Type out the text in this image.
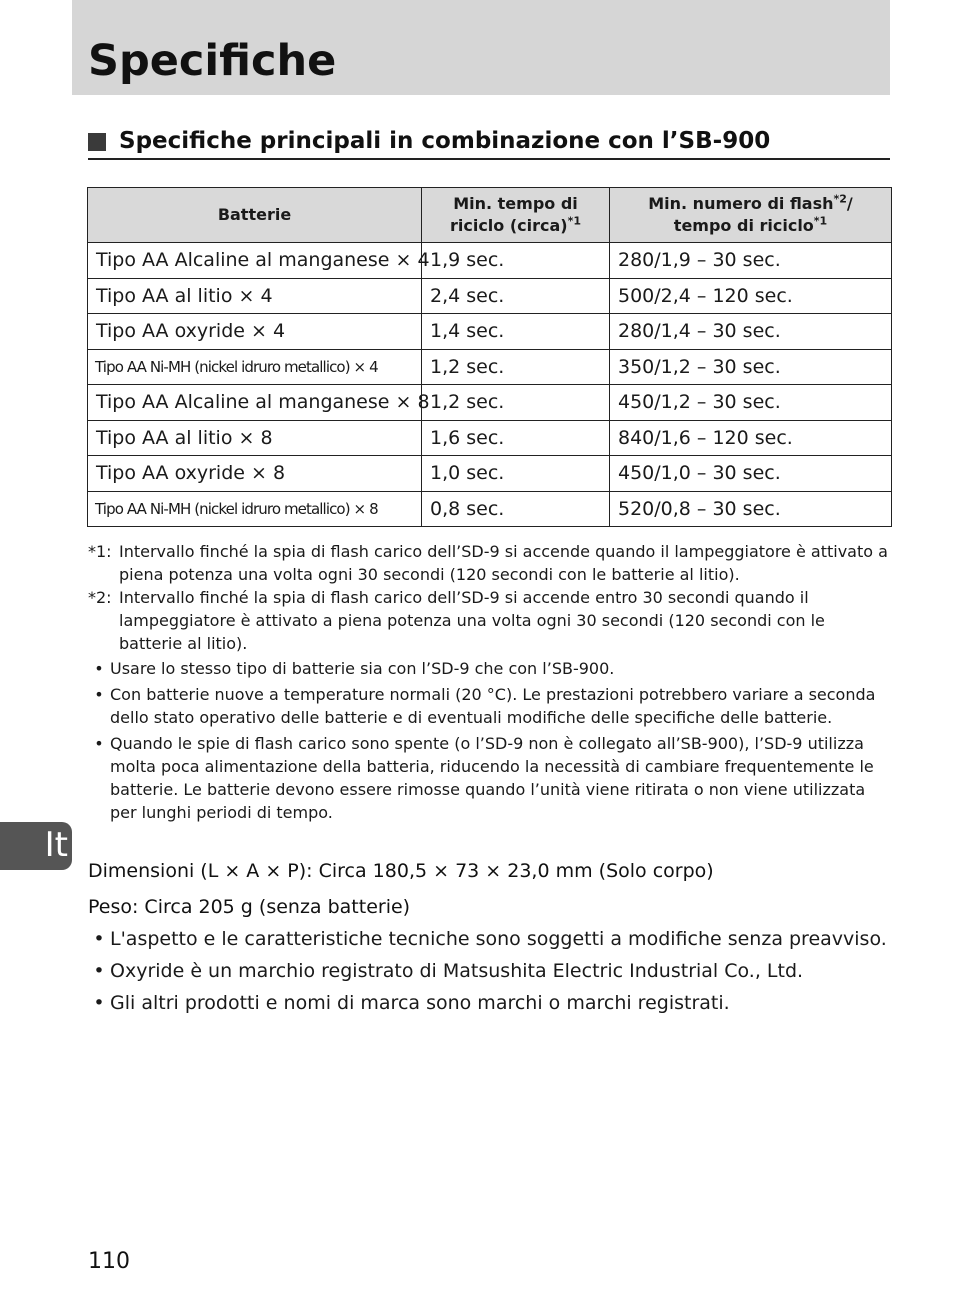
Specifiche
Specifiche principali in combinazione con l’SB-900
Batterie	Min. tempo di riciclo (circa)$^{*1}$	Min. numero di flash$^{*2}$/
tempo di riciclo$^{*1}$
Tipo AA Alcaline al manganese × 4	1,9 sec.	280/1,9 – 30 sec.
Tipo AA al litio × 4	2,4 sec.	500/2,4 – 120 sec.
Tipo AA oxyride × 4	1,4 sec.	280/1,4 – 30 sec.
Tipo AA Ni-MH (nickel idruro metallico) × 4	1,2 sec.	350/1,2 – 30 sec.
Tipo AA Alcaline al manganese × 8	1,2 sec.	450/1,2 – 30 sec.
Tipo AA al litio × 8	1,6 sec.	840/1,6 – 120 sec.
Tipo AA oxyride × 8	1,0 sec.	450/1,0 – 30 sec.
Tipo AA Ni-MH (nickel idruro metallico) × 8	0,8 sec.	520/0,8 – 30 sec.
*1: Intervallo finché la spia di flash carico dell’SD-9 si accende quando il lampeggiatore è attivato a piena potenza una volta ogni 30 secondi (120 secondi con le batterie al litio).
*2: Intervallo finché la spia di flash carico dell’SD-9 si accende entro 30 secondi quando il lampeggiatore è attivato a piena potenza una volta ogni 30 secondi (120 secondi con le batterie al litio).
• Usare lo stesso tipo di batterie sia con l’SD-9 che con l’SB-900.
• Con batterie nuove a temperature normali (20 °C). Le prestazioni potrebbero variare a seconda dello stato operativo delle batterie e di eventuali modifiche delle specifiche delle batterie.
• Quando le spie di flash carico sono spente (o l’SD-9 non è collegato all’SB-900), l’SD-9 utilizza molta poca alimentazione della batteria, riducendo la necessità di cambiare frequentemente le batterie. Le batterie devono essere rimosse quando l’unità viene ritirata o non viene utilizzata per lunghi periodi di tempo.
It
Dimensioni (L × A × P): Circa 180,5 × 73 × 23,0 mm (Solo corpo)
Peso: Circa 205 g (senza batterie)
• L'aspetto e le caratteristiche tecniche sono soggetti a modifiche senza preavviso.
• Oxyride è un marchio registrato di Matsushita Electric Industrial Co., Ltd.
• Gli altri prodotti e nomi di marca sono marchi o marchi registrati.
110
